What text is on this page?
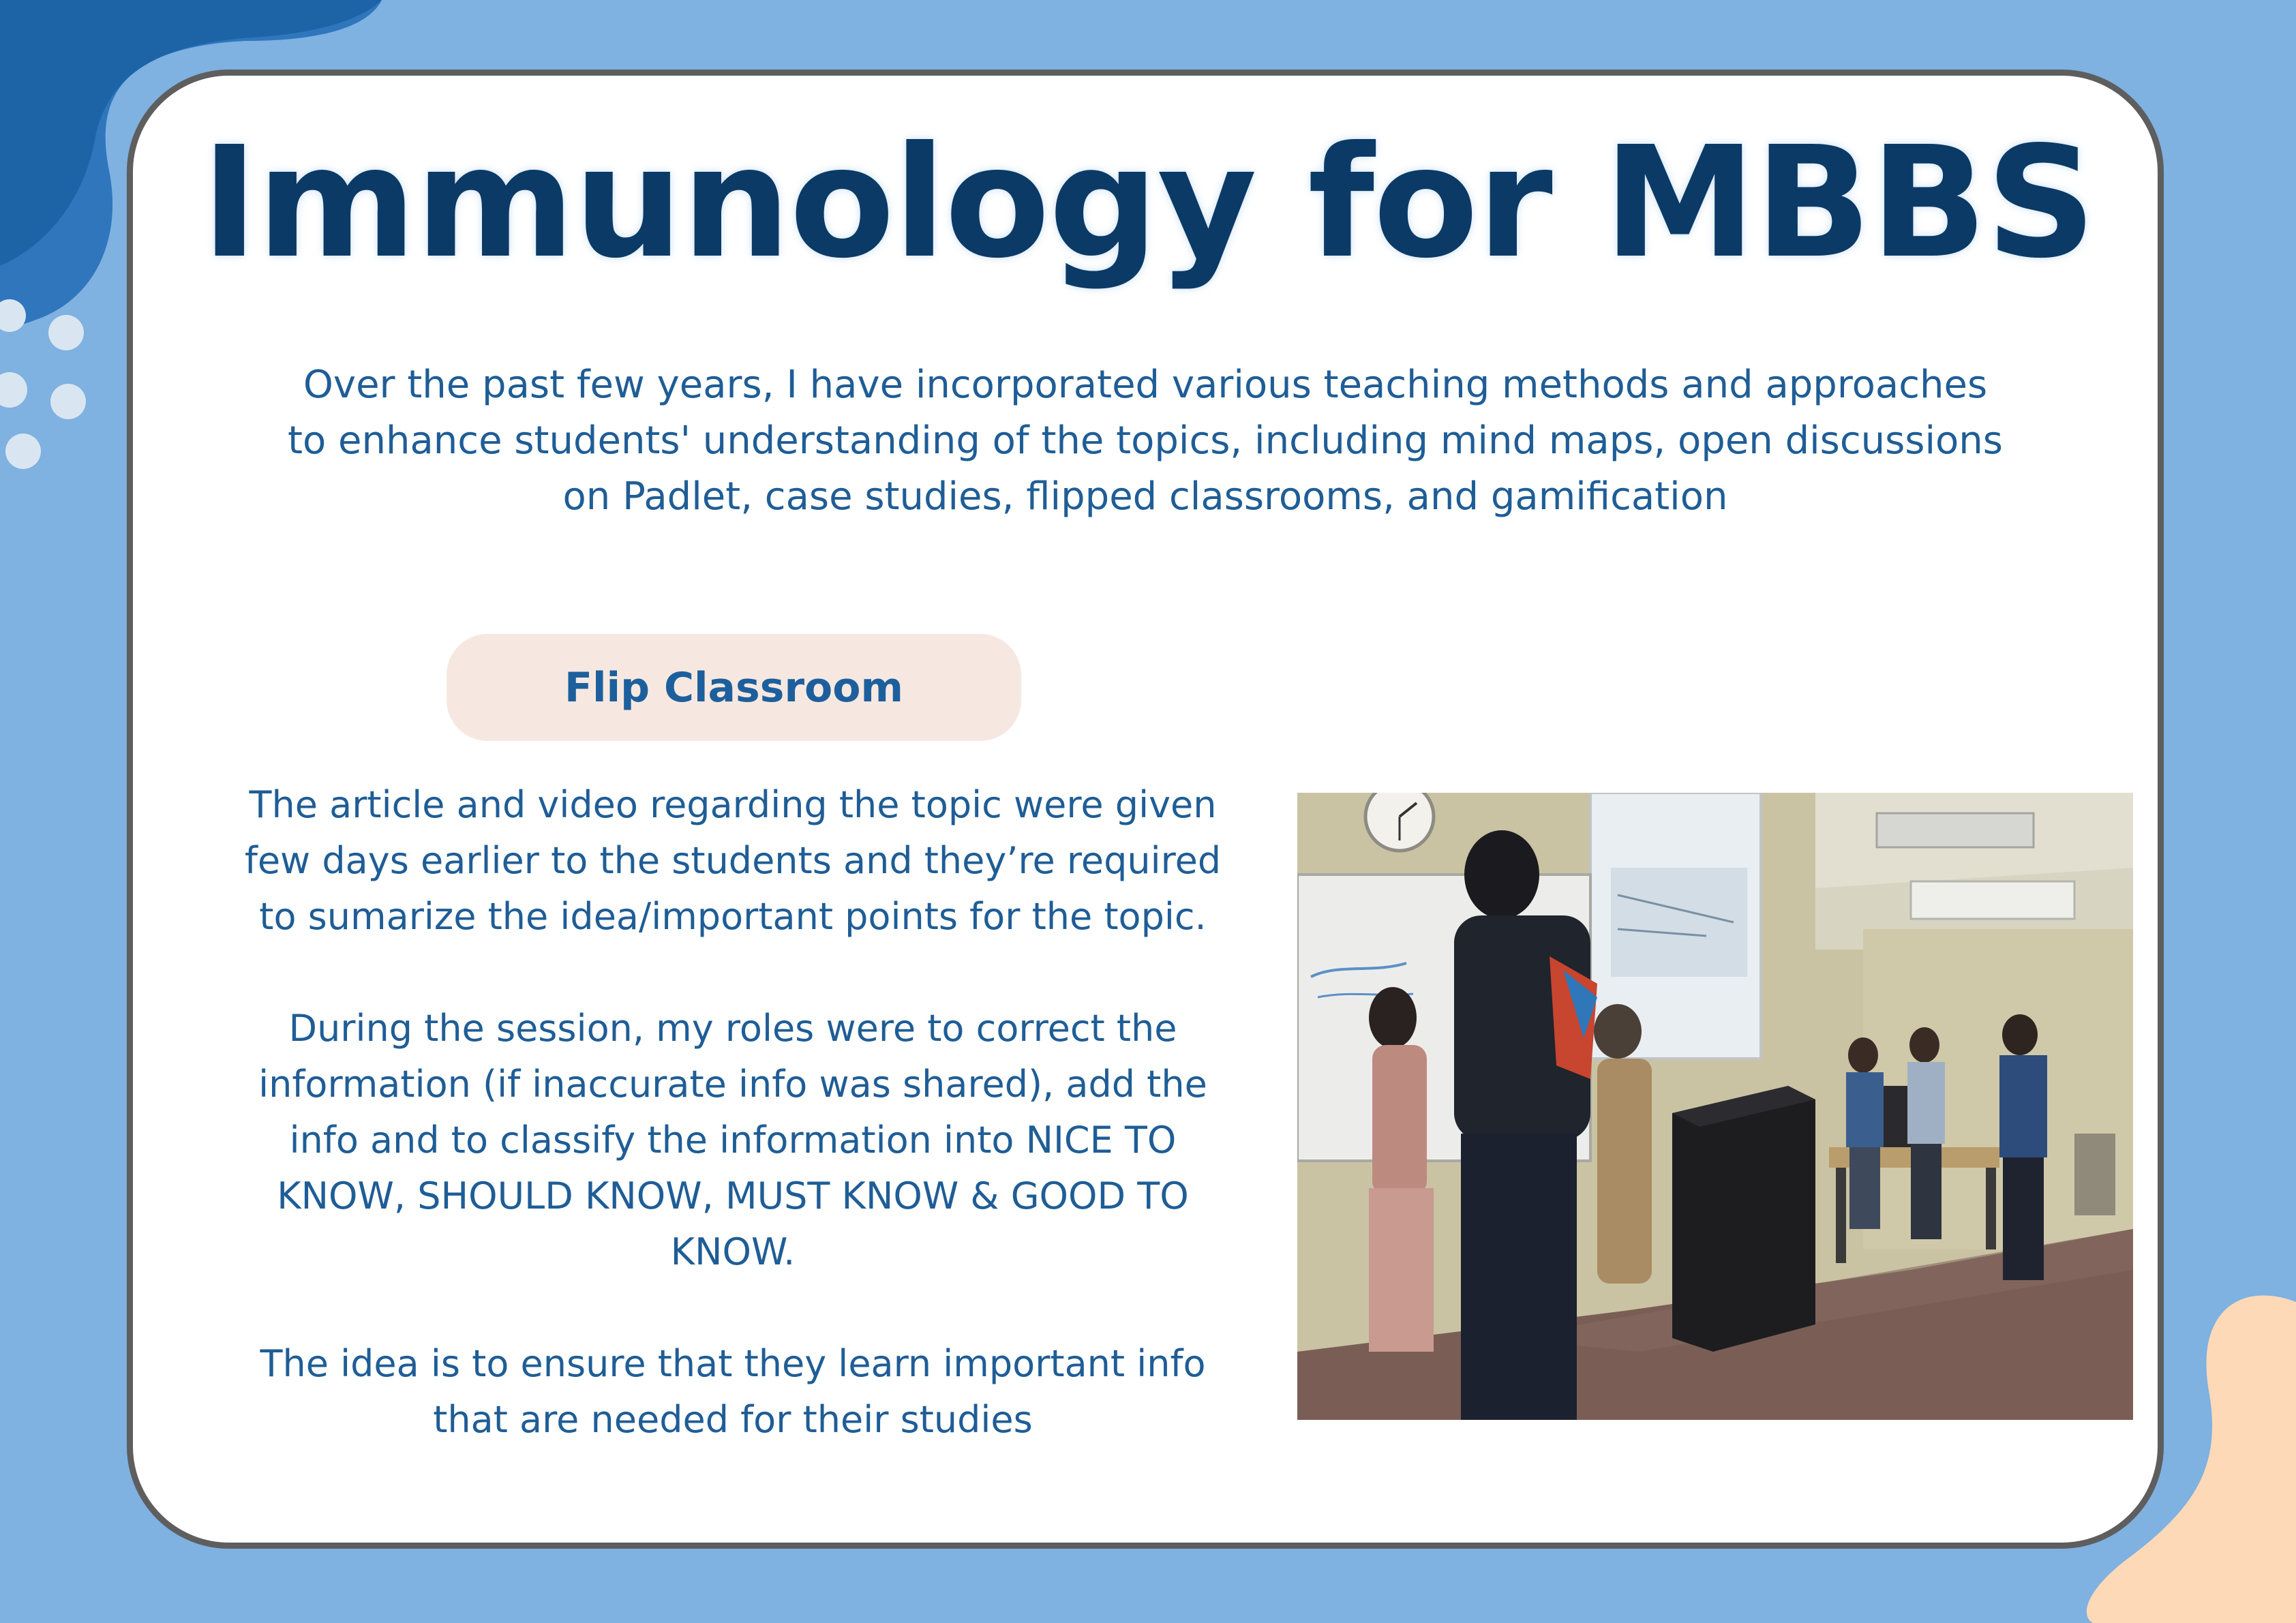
Immunology for MBBS

Over the past few years, I have incorporated various teaching methods and approaches to enhance students' understanding of the topics, including mind maps, open discussions on Padlet, case studies, flipped classrooms, and gamification

Flip Classroom

The article and video regarding the topic were given few days earlier to the students and they’re required to sumarize the idea/important points for the topic.

During the session, my roles were to correct the information (if inaccurate info was shared), add the info and to classify the information into NICE TO KNOW, SHOULD KNOW, MUST KNOW & GOOD TO KNOW.

The idea is to ensure that they learn important info that are needed for their studies
